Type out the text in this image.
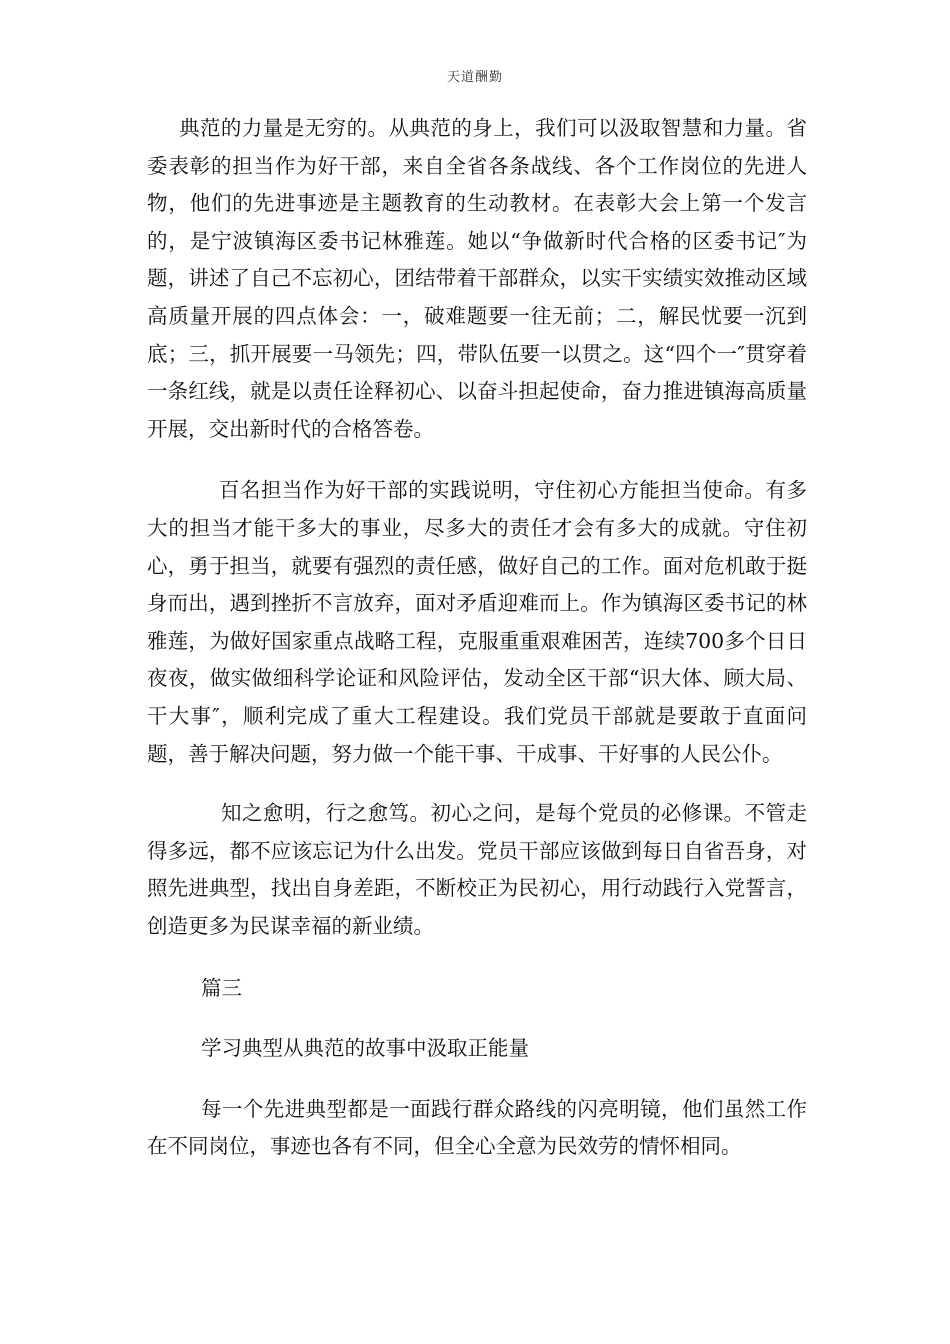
天道酬勤

典范的力量是无穷的。从典范的身上，我们可以汲取智慧和力量。省委表彰的担当作为好干部，来自全省各条战线、各个工作岗位的先进人物，他们的先进事迹是主题教育的生动教材。在表彰大会上第一个发言的，是宁波镇海区委书记林雅莲。她以“争做新时代合格的区委书记″为题，讲述了自己不忘初心，团结带着干部群众，以实干实绩实效推动区域高质量开展的四点体会：一，破难题要一往无前；二，解民忧要一沉到底；三，抓开展要一马领先；四，带队伍要一以贯之。这“四个一″贯穿着一条红线，就是以责任诠释初心、以奋斗担起使命，奋力推进镇海高质量开展，交出新时代的合格答卷。

百名担当作为好干部的实践说明，守住初心方能担当使命。有多大的担当才能干多大的事业，尽多大的责任才会有多大的成就。守住初心，勇于担当，就要有强烈的责任感，做好自己的工作。面对危机敢于挺身而出，遇到挫折不言放弃，面对矛盾迎难而上。作为镇海区委书记的林雅莲，为做好国家重点战略工程，克服重重艰难困苦，连续700多个日日夜夜，做实做细科学论证和风险评估，发动全区干部“识大体、顾大局、干大事″，顺利完成了重大工程建设。我们党员干部就是要敢于直面问题，善于解决问题，努力做一个能干事、干成事、干好事的人民公仆。

知之愈明，行之愈笃。初心之问，是每个党员的必修课。不管走得多远，都不应该忘记为什么出发。党员干部应该做到每日自省吾身，对照先进典型，找出自身差距，不断校正为民初心，用行动践行入党誓言，创造更多为民谋幸福的新业绩。

篇三

学习典型从典范的故事中汲取正能量

每一个先进典型都是一面践行群众路线的闪亮明镜，他们虽然工作在不同岗位，事迹也各有不同，但全心全意为民效劳的情怀相同。
